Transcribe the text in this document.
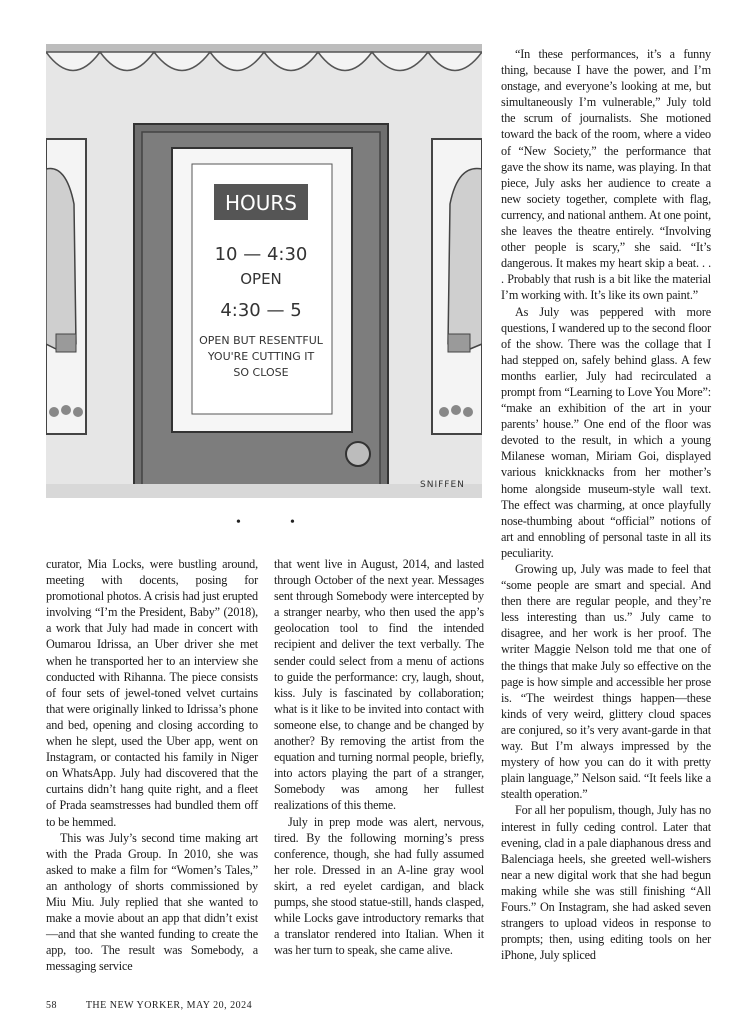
HOURS
10 — 4:30
OPEN
4:30 — 5
OPEN BUT RESENTFUL
YOU'RE CUTTING IT
SO CLOSE
SNIFFEN
•	•

curator, Mia Locks, were bustling around, meeting with docents, posing for promotional photos. A crisis had just erupted involving “I’m the President, Baby” (2018), a work that July had made in concert with Oumarou Idrissa, an Uber driver she met when he transported her to an interview she conducted with Rihanna. The piece consists of four sets of jewel-toned velvet curtains that were originally linked to Idrissa’s phone and bed, opening and closing according to when he slept, used the Uber app, went on Instagram, or contacted his family in Niger on WhatsApp. July had discovered that the curtains didn’t hang quite right, and a fleet of Prada seamstresses had bundled them off to be hemmed.

This was July’s second time making art with the Prada Group. In 2010, she was asked to make a film for “Women’s Tales,” an anthology of shorts commissioned by Miu Miu. July replied that she wanted to make a movie about an app that didn’t exist—and that she wanted funding to create the app, too. The result was Somebody, a messaging service

that went live in August, 2014, and lasted through October of the next year. Messages sent through Somebody were intercepted by a stranger nearby, who then used the app’s geolocation tool to find the intended recipient and deliver the text verbally. The sender could select from a menu of actions to guide the performance: cry, laugh, shout, kiss. July is fascinated by collaboration; what is it like to be invited into contact with someone else, to change and be changed by another? By removing the artist from the equation and turning normal people, briefly, into actors playing the part of a stranger, Somebody was among her fullest realizations of this theme.

July in prep mode was alert, nervous, tired. By the following morning’s press conference, though, she had fully assumed her role. Dressed in an A-line gray wool skirt, a red eyelet cardigan, and black pumps, she stood statue-still, hands clasped, while Locks gave introductory remarks that a translator rendered into Italian. When it was her turn to speak, she came alive.

“In these performances, it’s a funny thing, because I have the power, and I’m onstage, and everyone’s looking at me, but simultaneously I’m vulnerable,” July told the scrum of journalists. She motioned toward the back of the room, where a video of “New Society,” the performance that gave the show its name, was playing. In that piece, July asks her audience to create a new society together, complete with flag, currency, and national anthem. At one point, she leaves the theatre entirely. “Involving other people is scary,” she said. “It’s dangerous. It makes my heart skip a beat. . . . Probably that rush is a bit like the material I’m working with. It’s like its own paint.”

As July was peppered with more questions, I wandered up to the second floor of the show. There was the collage that I had stepped on, safely behind glass. A few months earlier, July had recirculated a prompt from “Learning to Love You More”: “make an exhibition of the art in your parents’ house.” One end of the floor was devoted to the result, in which a young Milanese woman, Miriam Goi, displayed various knickknacks from her mother’s home alongside museum-style wall text. The effect was charming, at once playfully nose-thumbing about “official” notions of art and ennobling of personal taste in all its peculiarity.

Growing up, July was made to feel that “some people are smart and special. And then there are regular people, and they’re less interesting than us.” July came to disagree, and her work is her proof. The writer Maggie Nelson told me that one of the things that make July so effective on the page is how simple and accessible her prose is. “The weirdest things happen—these kinds of very weird, glittery cloud spaces are conjured, so it’s very avant-garde in that way. But I’m always impressed by the mystery of how you can do it with pretty plain language,” Nelson said. “It feels like a stealth operation.”

For all her populism, though, July has no interest in fully ceding control. Later that evening, clad in a pale diaphanous dress and Balenciaga heels, she greeted well-wishers near a new digital work that she had begun making while she was still finishing “All Fours.” On Instagram, she had asked seven strangers to upload videos in response to prompts; then, using editing tools on her iPhone, July spliced

58	THE NEW YORKER, MAY 20, 2024
